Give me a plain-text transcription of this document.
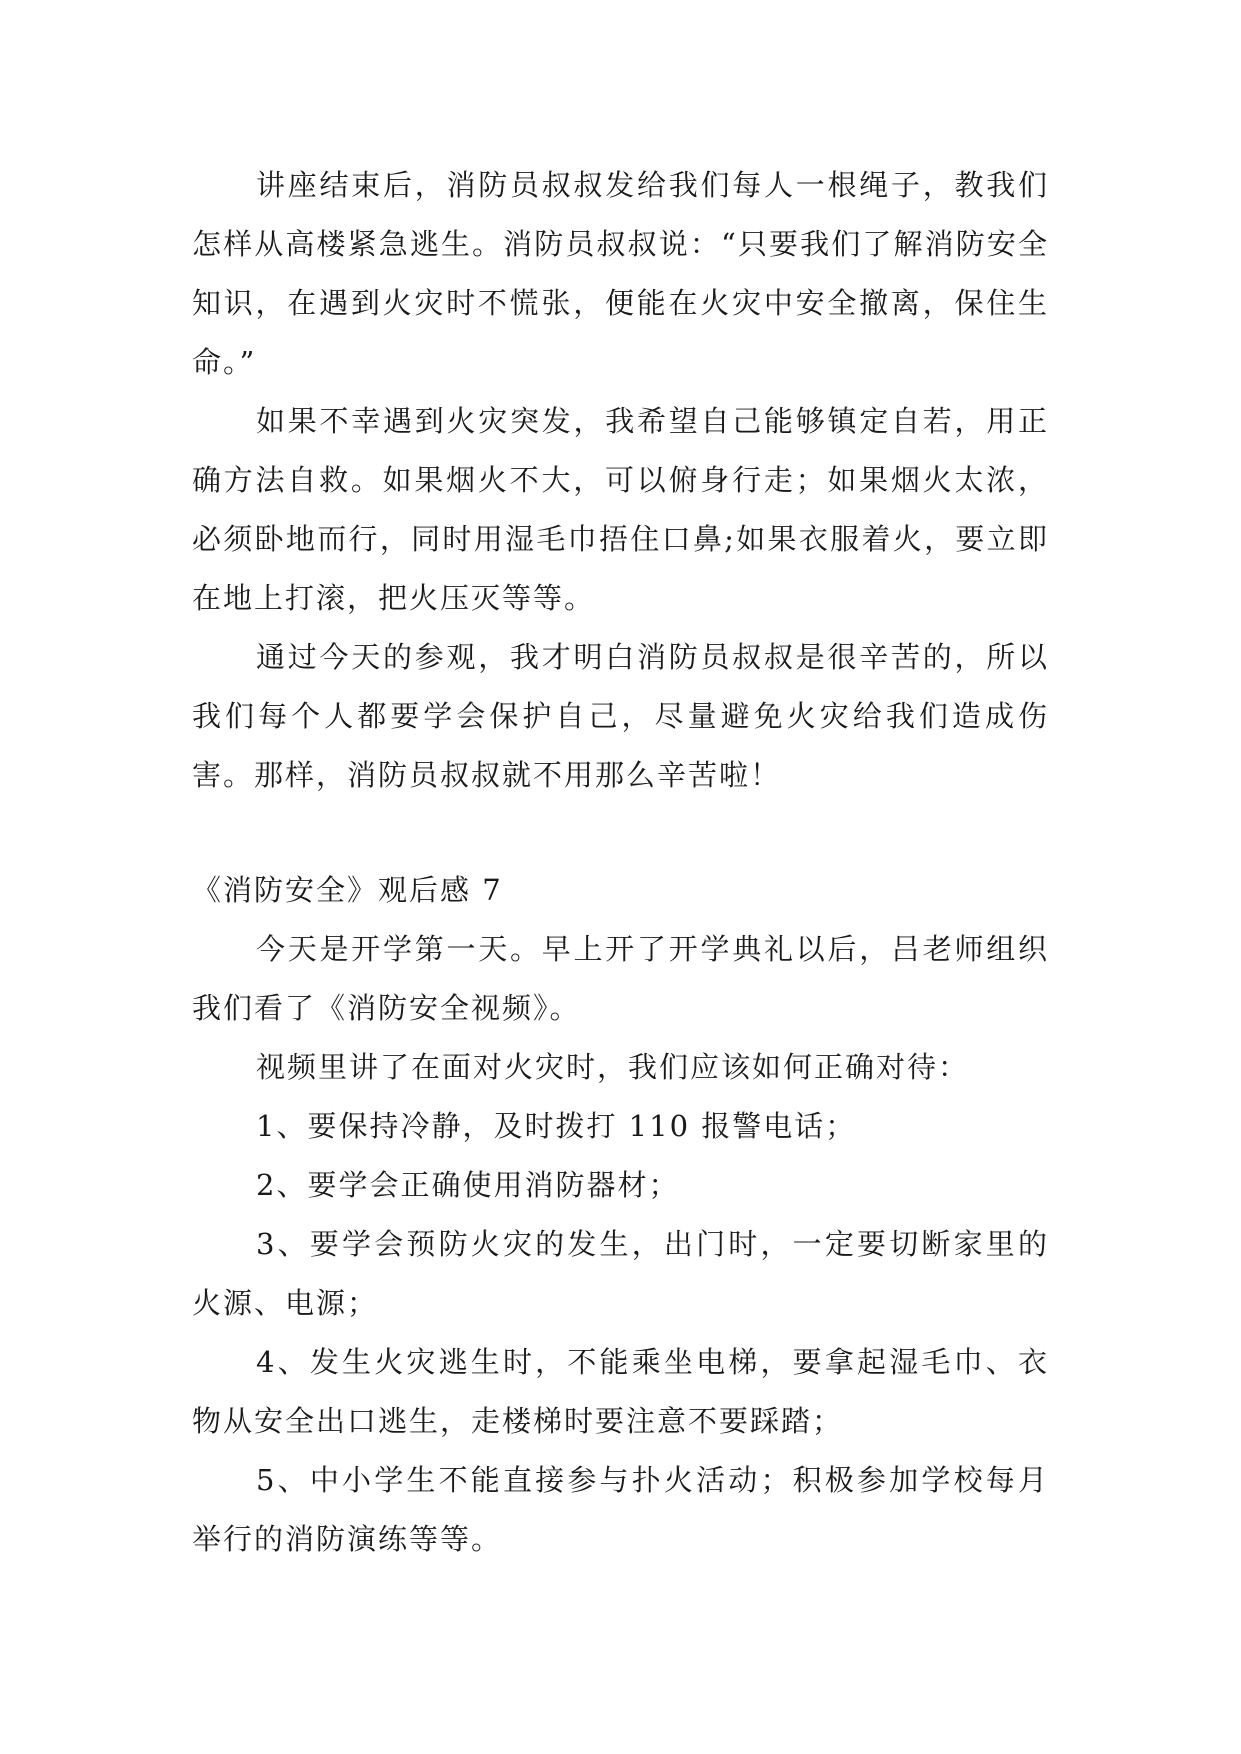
讲座结束后，消防员叔叔发给我们每人一根绳子，教我们怎样从高楼紧急逃生。消防员叔叔说：“只要我们了解消防安全知识，在遇到火灾时不慌张，便能在火灾中安全撤离，保住生命。”

如果不幸遇到火灾突发，我希望自己能够镇定自若，用正确方法自救。如果烟火不大，可以俯身行走；如果烟火太浓，必须卧地而行，同时用湿毛巾捂住口鼻;如果衣服着火，要立即在地上打滚，把火压灭等等。

通过今天的参观，我才明白消防员叔叔是很辛苦的，所以我们每个人都要学会保护自己，尽量避免火灾给我们造成伤害。那样，消防员叔叔就不用那么辛苦啦！

《消防安全》观后感 7

今天是开学第一天。早上开了开学典礼以后，吕老师组织我们看了《消防安全视频》。

视频里讲了在面对火灾时，我们应该如何正确对待：

1、要保持冷静，及时拨打 110 报警电话；

2、要学会正确使用消防器材；

3、要学会预防火灾的发生，出门时，一定要切断家里的火源、电源；

4、发生火灾逃生时，不能乘坐电梯，要拿起湿毛巾、衣物从安全出口逃生，走楼梯时要注意不要踩踏；

5、中小学生不能直接参与扑火活动；积极参加学校每月举行的消防演练等等。
